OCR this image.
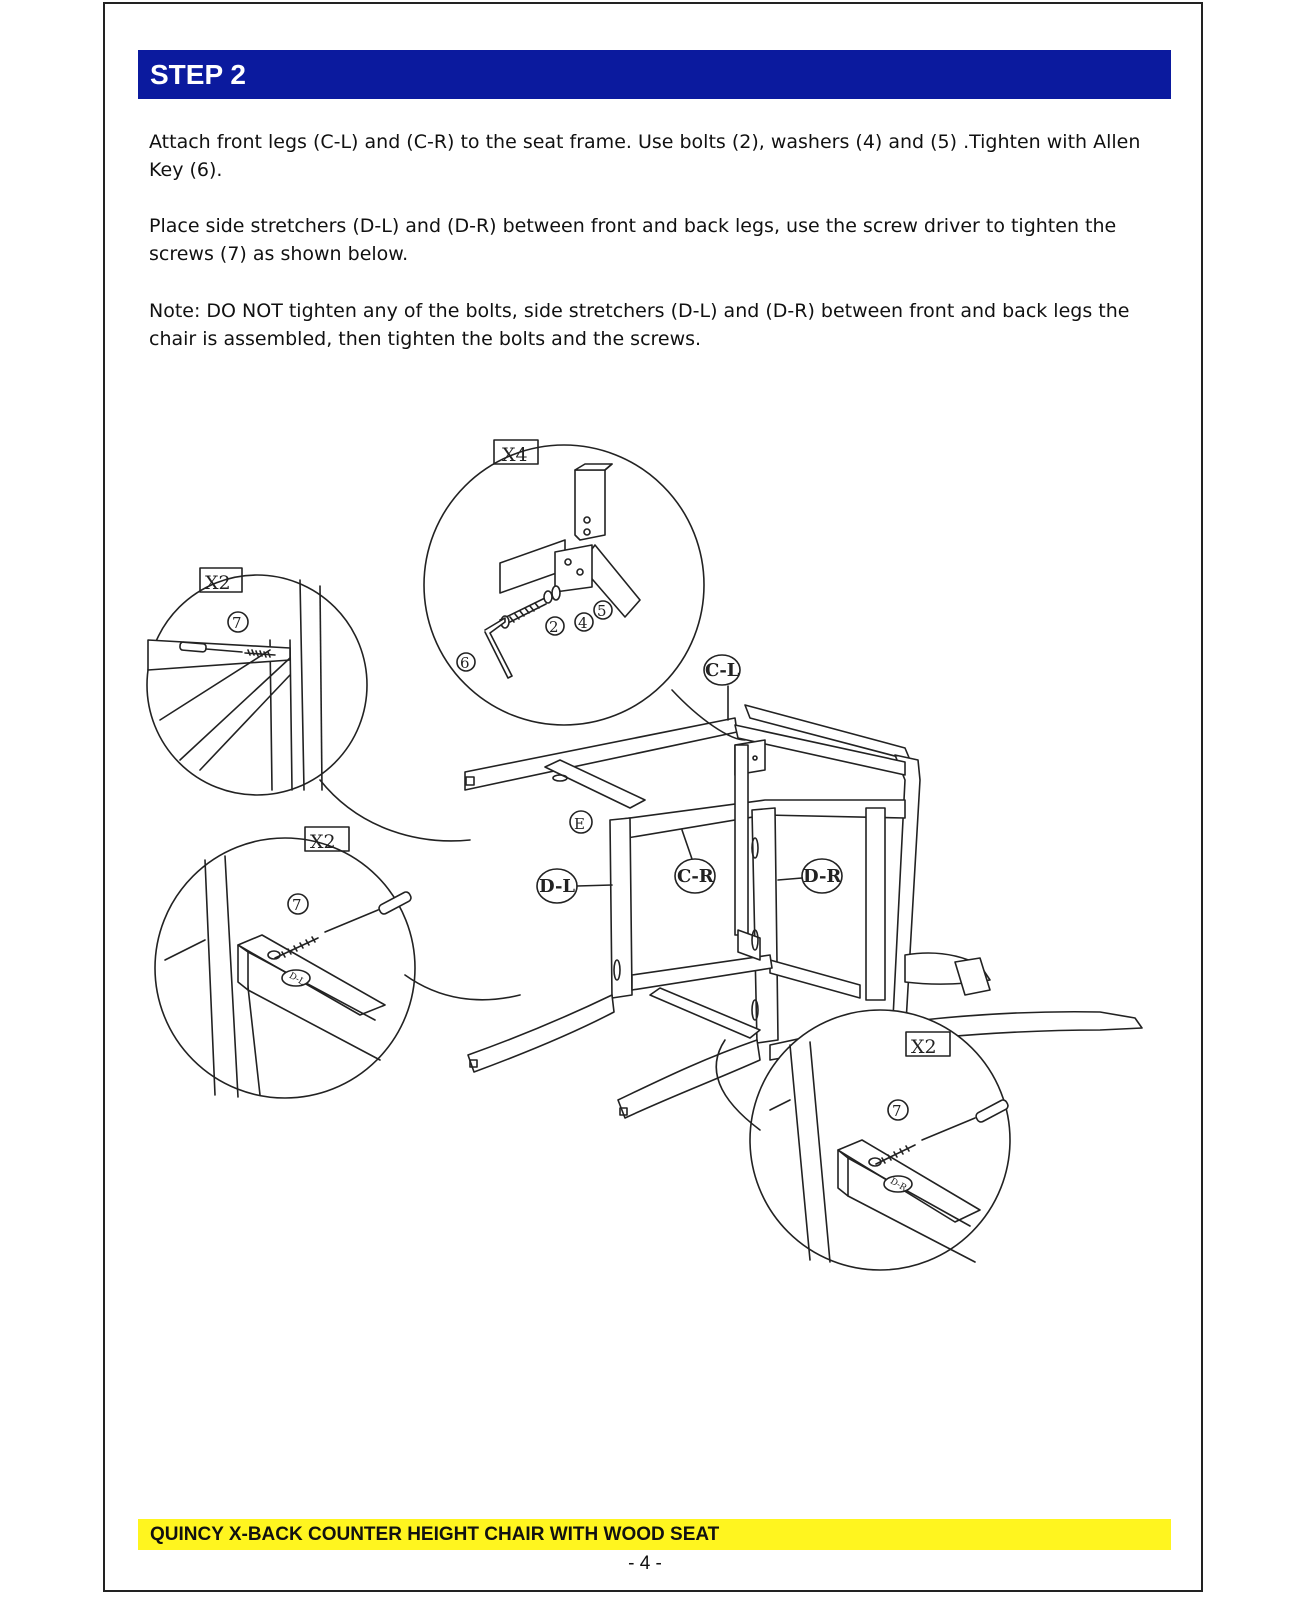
STEP 2

Attach front legs (C-L) and (C-R) to the seat frame. Use bolts (2), washers (4) and (5) .Tighten with Allen Key (6).

Place side stretchers (D-L) and (D-R) between front and back legs, use the screw driver to tighten the screws (7) as shown below.

Note: DO NOT tighten any of the bolts, side stretchers (D-L) and (D-R) between front and back legs the chair is assembled, then tighten the bolts and the screws.

C-L
E
D-L	C-R	D-R
X4
2 4
5
6
X2
7
X2
D-L
7
X2
D-R
7
QUINCY X-BACK COUNTER HEIGHT CHAIR WITH WOOD SEAT
- 4 -
